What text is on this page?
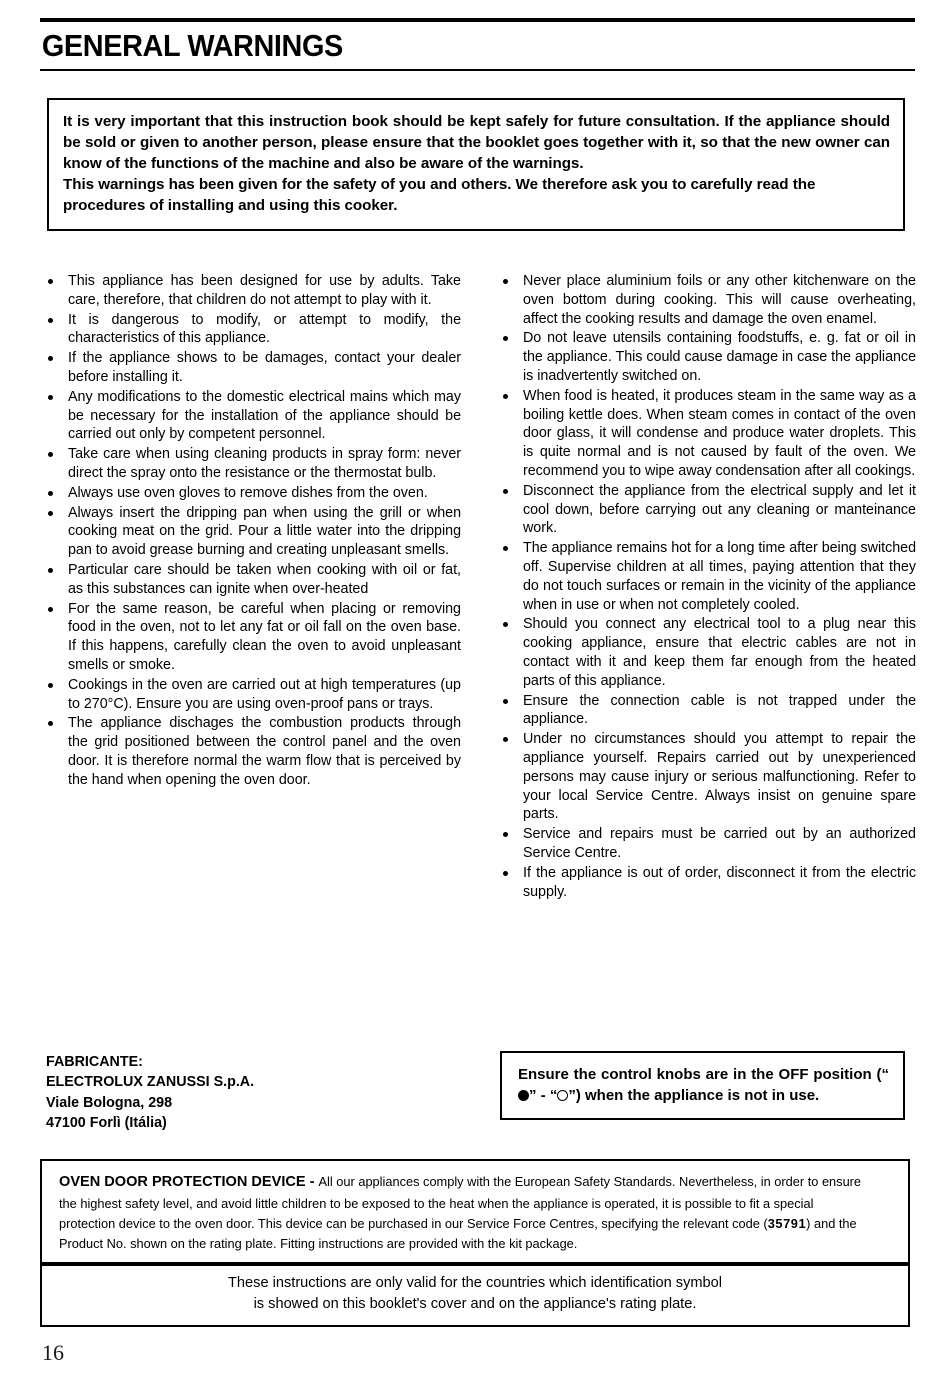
GENERAL WARNINGS

It is very important that this instruction book should be kept safely for future consultation. If the appliance should be sold or given to another person, please ensure that the booklet goes together with it, so that the new owner can know of the functions of the machine and also be aware of the warnings.

This warnings has been given for the safety of you and others. We therefore ask you to carefully read the procedures of installing and using this cooker.

This appliance has been designed for use by adults. Take care, therefore, that children do not attempt to play with it.
It is dangerous to modify, or attempt to modify, the characteristics of this appliance.
If the appliance shows to be damages, contact your dealer before installing it.
Any modifications to the domestic electrical mains which may be necessary for the installation of the appliance should be carried out only by competent personnel.
Take care when using cleaning products in spray form: never direct the spray onto the resistance or the thermostat bulb.
Always use oven gloves to remove dishes from the oven.
Always insert the dripping pan when using the grill or when cooking meat on the grid. Pour a little water into the dripping pan to avoid grease burning and creating unpleasant smells.
Particular care should be taken when cooking with oil or fat, as this substances can ignite when over-heated
For the same reason, be careful when placing or removing food in the oven, not to let any fat or oil fall on the oven base. If this happens, carefully clean the oven to avoid unpleasant smells or smoke.
Cookings in the oven are carried out at high temperatures (up to 270°C). Ensure you are using oven-proof pans or trays.
The appliance dischages the combustion products through the grid positioned between the control panel and the oven door. It is therefore normal the warm flow that is perceived by the hand when opening the oven door.
Never place aluminium foils or any other kitchenware on the oven bottom during cooking. This will cause overheating, affect the cooking results and damage the oven enamel.
Do not leave utensils containing foodstuffs, e. g. fat or oil in the appliance. This could cause damage in case the appliance is inadvertently switched on.
When food is heated, it produces steam in the same way as a boiling kettle does. When steam comes in contact of the oven door glass, it will condense and produce water droplets. This is quite normal and is not caused by fault of the oven. We recommend you to wipe away condensation after all cookings.
Disconnect the appliance from the electrical supply and let it cool down, before carrying out any cleaning or manteinance work.
The appliance remains hot for a long time after being switched off. Supervise children at all times, paying attention that they do not touch surfaces or remain in the vicinity of the appliance when in use or when not completely cooled.
Should you connect any electrical tool to a plug near this cooking appliance, ensure that electric cables are not in contact with it and keep them far enough from the heated parts of this appliance.
Ensure the connection cable is not trapped under the appliance.
Under no circumstances should you attempt to repair the appliance yourself. Repairs carried out by unexperienced persons may cause injury or serious malfunctioning. Refer to your local Service Centre. Always insist on genuine spare parts.
Service and repairs must be carried out by an authorized Service Centre.
If the appliance is out of order, disconnect it from the electric supply.
FABRICANTE:
ELECTROLUX ZANUSSI S.p.A.
Viale Bologna, 298
47100 Forlì (Itália)

Ensure the control knobs are in the OFF position (“” - “ ”) when the appliance is not in use.

OVEN DOOR PROTECTION DEVICE - All our appliances comply with the European Safety Standards. Nevertheless, in order to ensure the highest safety level, and avoid little children to be exposed to the heat when the appliance is operated, it is possible to fit a special protection device to the oven door. This device can be purchased in our Service Force Centres, specifying the relevant code (35791) and the Product No. shown on the rating plate. Fitting instructions are provided with the kit package.

These instructions are only valid for the countries which identification symbol

is showed on this booklet's cover and on the appliance's rating plate.

16
